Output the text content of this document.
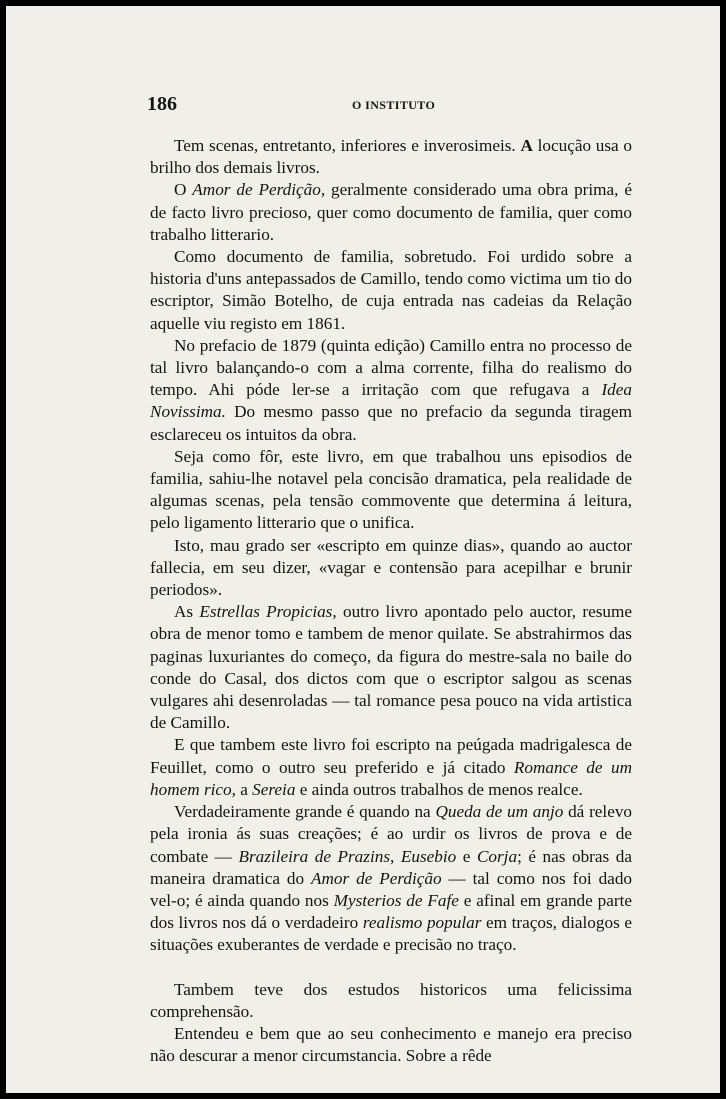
186	O INSTITUTO

Tem scenas, entretanto, inferiores e inverosimeis. A locução usa o brilho dos demais livros.

O Amor de Perdição, geralmente considerado uma obra prima, é de facto livro precioso, quer como documento de familia, quer como trabalho litterario.

Como documento de familia, sobretudo. Foi urdido sobre a historia d'uns antepassados de Camillo, tendo como victima um tio do escriptor, Simão Botelho, de cuja entrada nas cadeias da Relação aquelle viu registo em 1861.

No prefacio de 1879 (quinta edição) Camillo entra no processo de tal livro balançando-o com a alma corrente, filha do realismo do tempo. Ahi póde ler-se a irritação com que refugava a Idea Novissima. Do mesmo passo que no prefacio da segunda tiragem esclareceu os intuitos da obra.

Seja como fôr, este livro, em que trabalhou uns episodios de familia, sahiu-lhe notavel pela concisão dramatica, pela realidade de algumas scenas, pela tensão commovente que determina á leitura, pelo ligamento litterario que o unifica.

Isto, mau grado ser «escripto em quinze dias», quando ao auctor fallecia, em seu dizer, «vagar e contensão para acepilhar e brunir periodos».

As Estrellas Propicias, outro livro apontado pelo auctor, resume obra de menor tomo e tambem de menor quilate. Se abstrahirmos das paginas luxuriantes do começo, da figura do mestre-sala no baile do conde do Casal, dos dictos com que o escriptor salgou as scenas vulgares ahi desenroladas — tal romance pesa pouco na vida artistica de Camillo.

E que tambem este livro foi escripto na peúgada madrigalesca de Feuillet, como o outro seu preferido e já citado Romance de um homem rico, a Sereia e ainda outros trabalhos de menos realce.

Verdadeiramente grande é quando na Queda de um anjo dá relevo pela ironia ás suas creações; é ao urdir os livros de prova e de combate — Brazileira de Prazins, Eusebio e Corja; é nas obras da maneira dramatica do Amor de Perdição — tal como nos foi dado vel-o; é ainda quando nos Mysterios de Fafe e afinal em grande parte dos livros nos dá o verdadeiro realismo popular em traços, dialogos e situações exuberantes de verdade e precisão no traço.

Tambem teve dos estudos historicos uma felicissima comprehensão.

Entendeu e bem que ao seu conhecimento e manejo era preciso não descurar a menor circumstancia. Sobre a rêde
